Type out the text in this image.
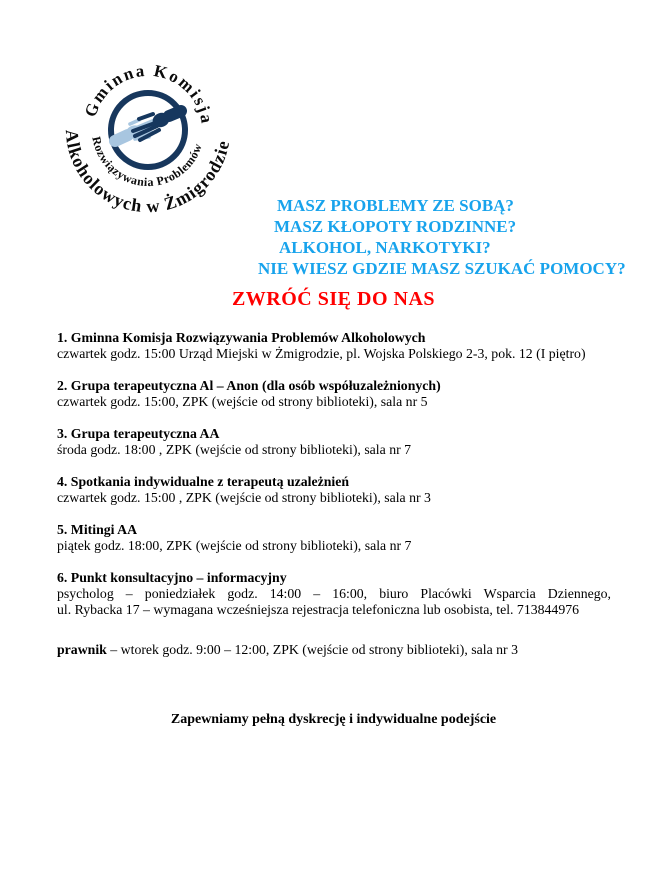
Gminna Komisja
Rozwiązywania Problemów
Alkoholowych w Żmigrodzie
MASZ PROBLEMY ZE SOBĄ?
MASZ KŁOPOTY RODZINNE?
ALKOHOL, NARKOTYKI?
NIE WIESZ GDZIE MASZ SZUKAĆ POMOCY?
ZWRÓĆ SIĘ DO NAS
1. Gminna Komisja Rozwiązywania Problemów Alkoholowych
czwartek godz. 15:00 Urząd Miejski w Żmigrodzie, pl. Wojska Polskiego 2-3, pok. 12 (I piętro)
2. Grupa terapeutyczna Al – Anon (dla osób współuzależnionych)
czwartek godz. 15:00, ZPK (wejście od strony biblioteki), sala nr 5
3. Grupa terapeutyczna AA
środa godz. 18:00 , ZPK (wejście od strony biblioteki), sala nr 7
4. Spotkania indywidualne z terapeutą uzależnień
czwartek godz. 15:00 , ZPK (wejście od strony biblioteki), sala nr 3
5. Mitingi AA
piątek godz. 18:00, ZPK (wejście od strony biblioteki), sala nr 7
6. Punkt konsultacyjno – informacyjny
psycholog – poniedziałek godz. 14:00 – 16:00, biuro Placówki Wsparcia Dziennego,
ul. Rybacka 17 – wymagana wcześniejsza rejestracja telefoniczna lub osobista, tel. 713844976
prawnik – wtorek godz. 9:00 – 12:00, ZPK (wejście od strony biblioteki), sala nr 3
Zapewniamy pełną dyskrecję i indywidualne podejście
